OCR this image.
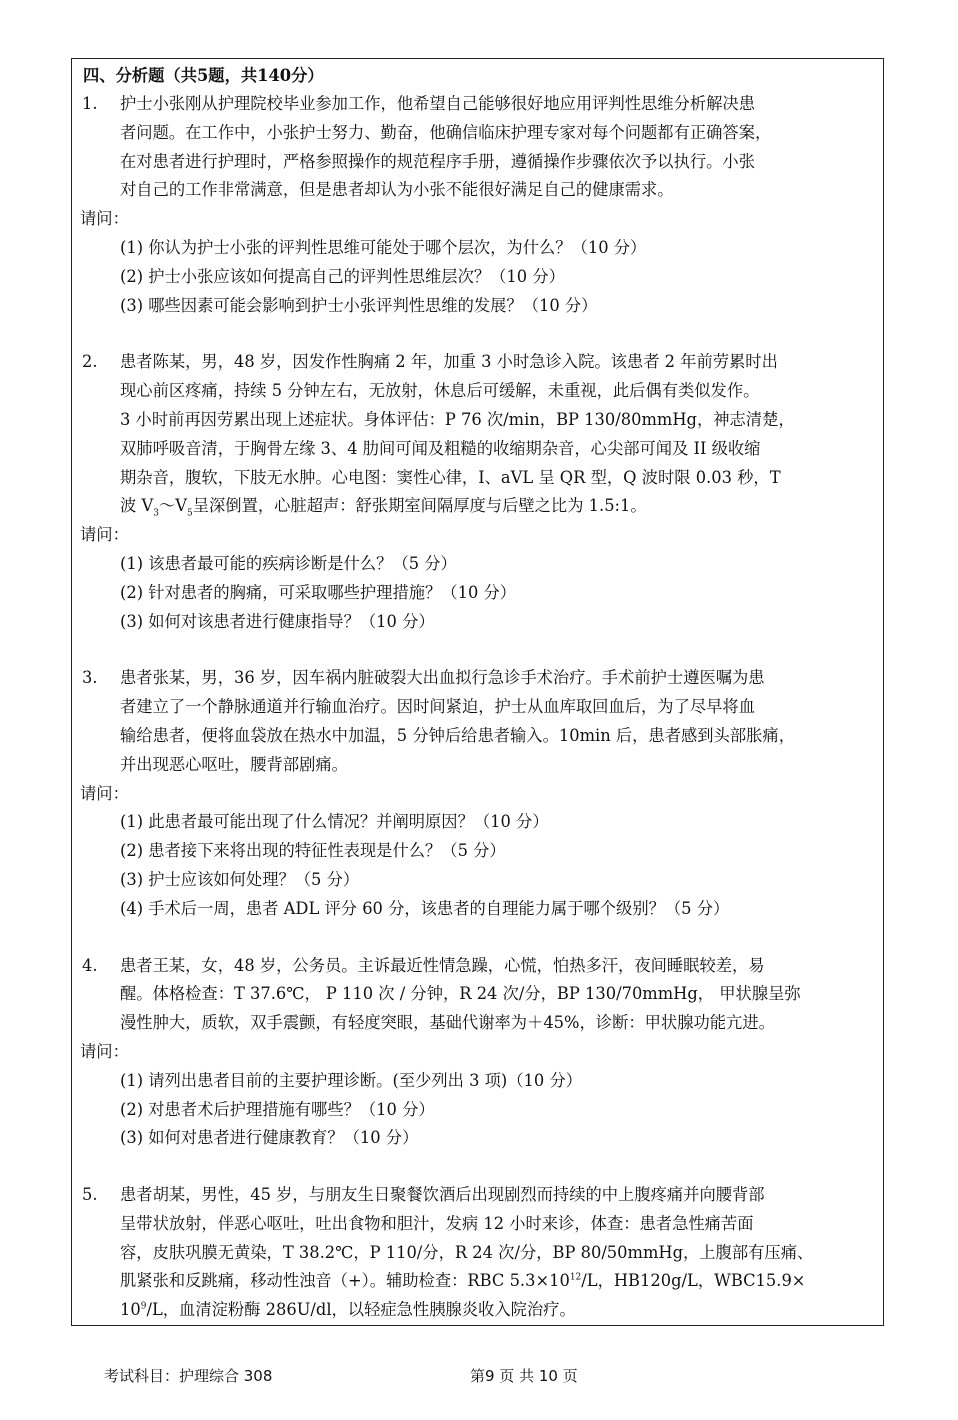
四、分析题（共5题，共140分）
1. 护士小张刚从护理院校毕业参加工作，他希望自己能够很好地应用评判性思维分析解决患
者问题。在工作中，小张护士努力、勤奋，他确信临床护理专家对每个问题都有正确答案，
在对患者进行护理时，严格参照操作的规范程序手册，遵循操作步骤依次予以执行。小张
对自己的工作非常满意，但是患者却认为小张不能很好满足自己的健康需求。
请问：
(1) 你认为护士小张的评判性思维可能处于哪个层次，为什么？（10 分）
(2) 护士小张应该如何提高自己的评判性思维层次？（10 分）
(3) 哪些因素可能会影响到护士小张评判性思维的发展？（10 分）
2. 患者陈某，男，48 岁，因发作性胸痛 2 年，加重 3 小时急诊入院。该患者 2 年前劳累时出
现心前区疼痛，持续 5 分钟左右，无放射，休息后可缓解，未重视，此后偶有类似发作。
3 小时前再因劳累出现上述症状。身体评估：P 76 次/min，BP 130/80mmHg，神志清楚，
双肺呼吸音清，于胸骨左缘 3、4 肋间可闻及粗糙的收缩期杂音，心尖部可闻及 II 级收缩
期杂音，腹软，下肢无水肿。心电图：窦性心律，I、aVL 呈 QR 型，Q 波时限 0.03 秒，T
波 $V_3\sim V_5$呈深倒置，心脏超声：舒张期室间隔厚度与后壁之比为 1.5:1。
请问：
(1) 该患者最可能的疾病诊断是什么？（5 分）
(2) 针对患者的胸痛，可采取哪些护理措施？（10 分）
(3) 如何对该患者进行健康指导？（10 分）
3. 患者张某，男，36 岁，因车祸内脏破裂大出血拟行急诊手术治疗。手术前护士遵医嘱为患
者建立了一个静脉通道并行输血治疗。因时间紧迫，护士从血库取回血后，为了尽早将血
输给患者，便将血袋放在热水中加温，5 分钟后给患者输入。10min 后，患者感到头部胀痛，
并出现恶心呕吐，腰背部剧痛。
请问：
(1) 此患者最可能出现了什么情况？并阐明原因？（10 分）
(2) 患者接下来将出现的特征性表现是什么？（5 分）
(3) 护士应该如何处理？（5 分）
(4) 手术后一周，患者 ADL 评分 60 分，该患者的自理能力属于哪个级别？（5 分）
4. 患者王某，女，48 岁，公务员。主诉最近性情急躁，心慌，怕热多汗，夜间睡眠较差，易
醒。体格检查：T 37.6℃， P 110 次 / 分钟，R 24 次/分，BP 130/70mmHg， 甲状腺呈弥
漫性肿大，质软，双手震颤，有轻度突眼，基础代谢率为＋45%，诊断：甲状腺功能亢进。
请问：
(1) 请列出患者目前的主要护理诊断。(至少列出 3 项)（10 分）
(2) 对患者术后护理措施有哪些？（10 分）
(3) 如何对患者进行健康教育？（10 分）
5. 患者胡某，男性，45 岁，与朋友生日聚餐饮酒后出现剧烈而持续的中上腹疼痛并向腰背部
呈带状放射，伴恶心呕吐，吐出食物和胆汁，发病 12 小时来诊，体查：患者急性痛苦面
容，皮肤巩膜无黄染，T 38.2℃，P 110/分，R 24 次/分，BP 80/50mmHg，上腹部有压痛、
肌紧张和反跳痛，移动性浊音（+）。辅助检查：RBC $5.3\times 10^{12}/L$，HB120g/L，WBC15.9×
$10^9/L$，血清淀粉酶 286U/dl，以轻症急性胰腺炎收入院治疗。
考试科目：护理综合 308	第9 页 共 10 页
